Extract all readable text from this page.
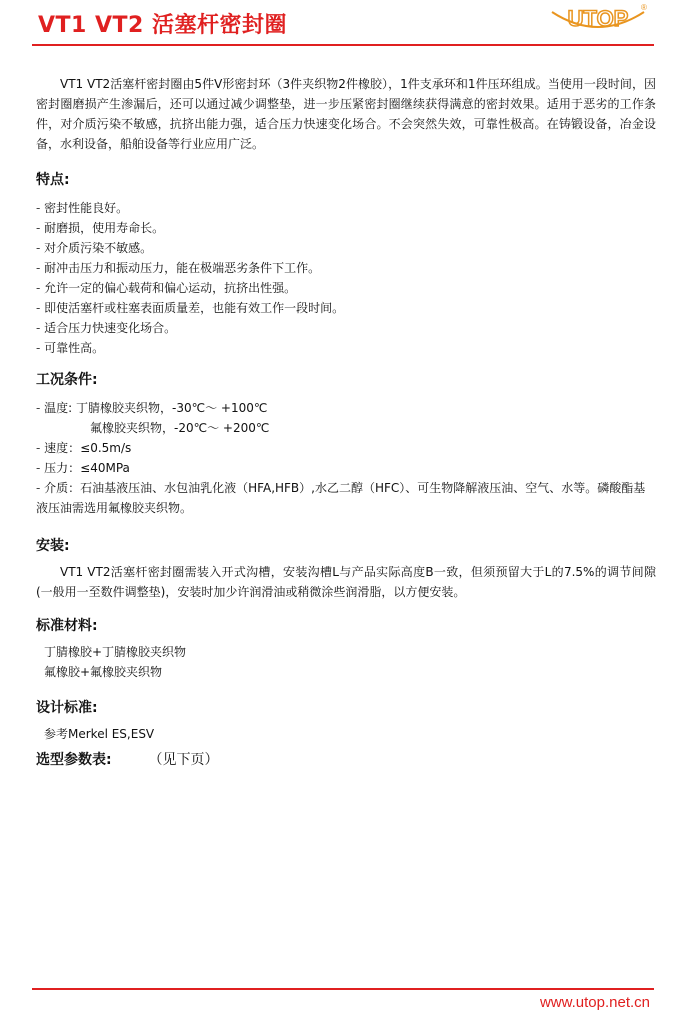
VT1 VT2 活塞杆密封圈	UTOP ®

VT1 VT2活塞杆密封圈由5件V形密封环（3件夹织物2件橡胶），1件支承环和1件压环组成。当使用一段时间，因密封圈磨损产生渗漏后，还可以通过减少调整垫，进一步压紧密封圈继续获得满意的密封效果。适用于恶劣的工作条件，对介质污染不敏感，抗挤出能力强，适合压力快速变化场合。不会突然失效，可靠性极高。在铸锻设备，冶金设备，水利设备，船舶设备等行业应用广泛。

特点:

- 密封性能良好。
- 耐磨损，使用寿命长。
- 对介质污染不敏感。
- 耐冲击压力和振动压力，能在极端恶劣条件下工作。
- 允许一定的偏心载荷和偏心运动，抗挤出性强。
- 即使活塞杆或柱塞表面质量差，也能有效工作一段时间。
- 适合压力快速变化场合。
- 可靠性高。

工况条件:

- 温度: 丁腈橡胶夹织物，-30℃～ +100℃
氟橡胶夹织物，-20℃～ +200℃
- 速度：≤0.5m/s
- 压力：≤40MPa
- 介质：石油基液压油、水包油乳化液（HFA,HFB）,水乙二醇（HFC）、可生物降解液压油、空气、水等。磷酸酯基液压油需选用氟橡胶夹织物。

安装:

VT1 VT2活塞杆密封圈需装入开式沟槽，安装沟槽L与产品实际高度B一致，但须预留大于L的7.5%的调节间隙(一般用一至数件调整垫)，安装时加少许润滑油或稍微涂些润滑脂，以方便安装。

标准材料:

丁腈橡胶+丁腈橡胶夹织物
氟橡胶+氟橡胶夹织物

设计标准:

参考Merkel ES,ESV

选型参数表:	（见下页）

www.utop.net.cn
